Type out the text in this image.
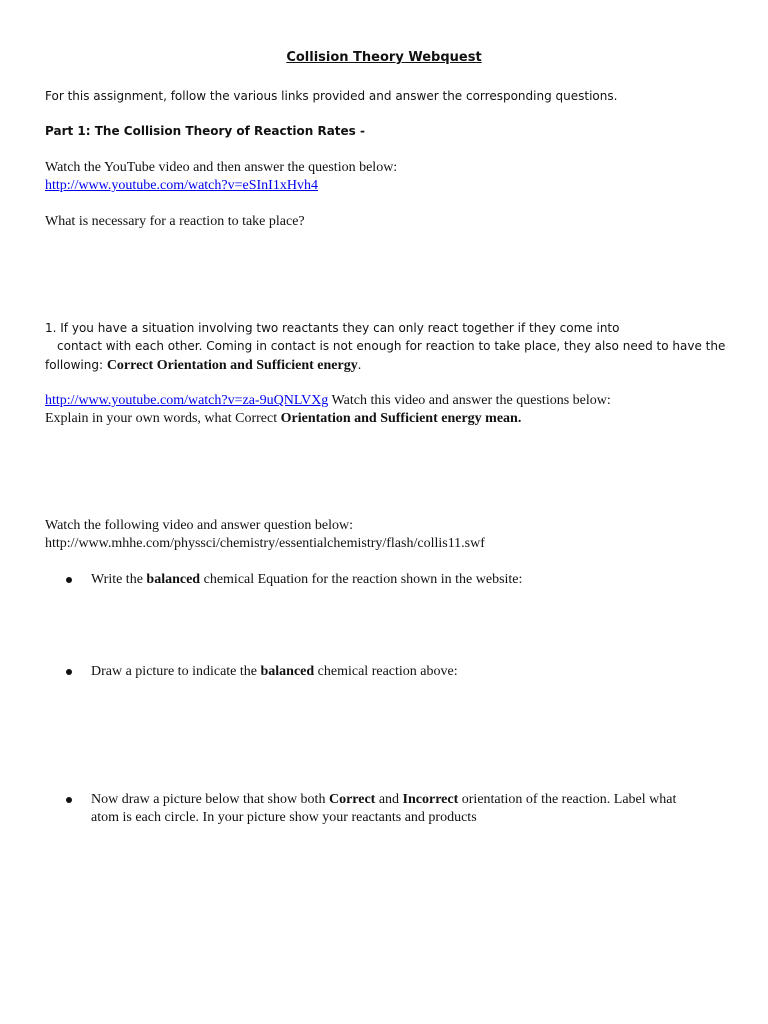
Collision Theory Webquest
For this assignment, follow the various links provided and answer the corresponding questions.
Part 1: The Collision Theory of Reaction Rates -
Watch the YouTube video and then answer the question below:
http://www.youtube.com/watch?v=eSInI1xHvh4
What is necessary for a reaction to take place?
1. If you have a situation involving two reactants they can only react together if they come into
contact with each other. Coming in contact is not enough for reaction to take place, they also need to have the
following: Correct Orientation and Sufficient energy.
http://www.youtube.com/watch?v=za-9uQNLVXg Watch this video and answer the questions below:
Explain in your own words, what Correct Orientation and Sufficient energy mean.
Watch the following video and answer question below:
http://www.mhhe.com/physsci/chemistry/essentialchemistry/flash/collis11.swf
Write the balanced chemical Equation for the reaction shown in the website:
Draw a picture to indicate the balanced chemical reaction above:
Now draw a picture below that show both Correct and Incorrect orientation of the reaction. Label what
atom is each circle. In your picture show your reactants and products
